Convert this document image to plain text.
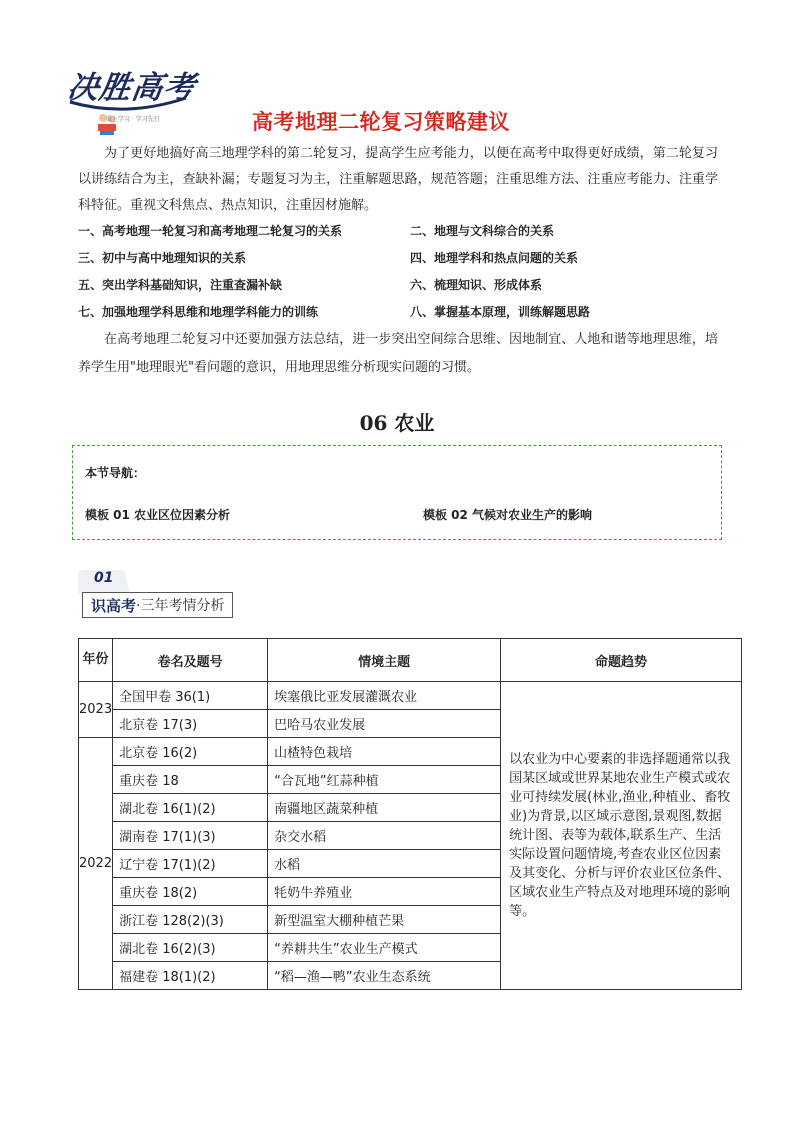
决胜高考
爱上学习 · 学习先行	高考地理二轮复习策略建议
为了更好地搞好高三地理学科的第二轮复习，提高学生应考能力，以便在高考中取得更好成绩，第二轮复习以讲练结合为主，查缺补漏；专题复习为主，注重解题思路，规范答题；注重思维方法、注重应考能力、注重学科特征。重视文科焦点、热点知识，注重因材施解。
一、高考地理一轮复习和高考地理二轮复习的关系	二、地理与文科综合的关系
三、初中与高中地理知识的关系	四、地理学科和热点问题的关系
五、突出学科基础知识，注重查漏补缺	六、梳理知识、形成体系
七、加强地理学科思维和地理学科能力的训练	八、掌握基本原理，训练解题思路
在高考地理二轮复习中还要加强方法总结，进一步突出空间综合思维、因地制宜、人地和谐等地理思维，培养学生用"地理眼光"看问题的意识，用地理思维分析现实问题的习惯。
06 农业
本节导航：
模板 01 农业区位因素分析	模板 02 气候对农业生产的影响
01
识高考 ·三年考情分析
年份	卷名及题号	情境主题	命题趋势
2023	全国甲卷 36(1)	埃塞俄比亚发展灌溉农业	以农业为中心要素的非选择题通常以我国某区域或世界某地农业生产模式或农业可持续发展(林业,渔业,种植业、畜牧业)为背景,以区域示意图,景观图,数据统计图、表等为载体,联系生产、生活实际设置问题情境,考查农业区位因素及其变化、分析与评价农业区位条件、区域农业生产特点及对地理环境的影响等。
	北京卷 17(3)	巴哈马农业发展	
2022	北京卷 16(2)	山楂特色栽培	
	重庆卷 18	“合瓦地”红蒜种植	
	湖北卷 16(1)(2)	南疆地区蔬菜种植	
	湖南卷 17(1)(3)	杂交水稻	
	辽宁卷 17(1)(2)	水稻	
	重庆卷 18(2)	牦奶牛养殖业	
	浙江卷 128(2)(3)	新型温室大棚种植芒果	
	湖北卷 16(2)(3)	“养耕共生”农业生产模式	
	福建卷 18(1)(2)	“稻—渔—鸭”农业生态系统	
